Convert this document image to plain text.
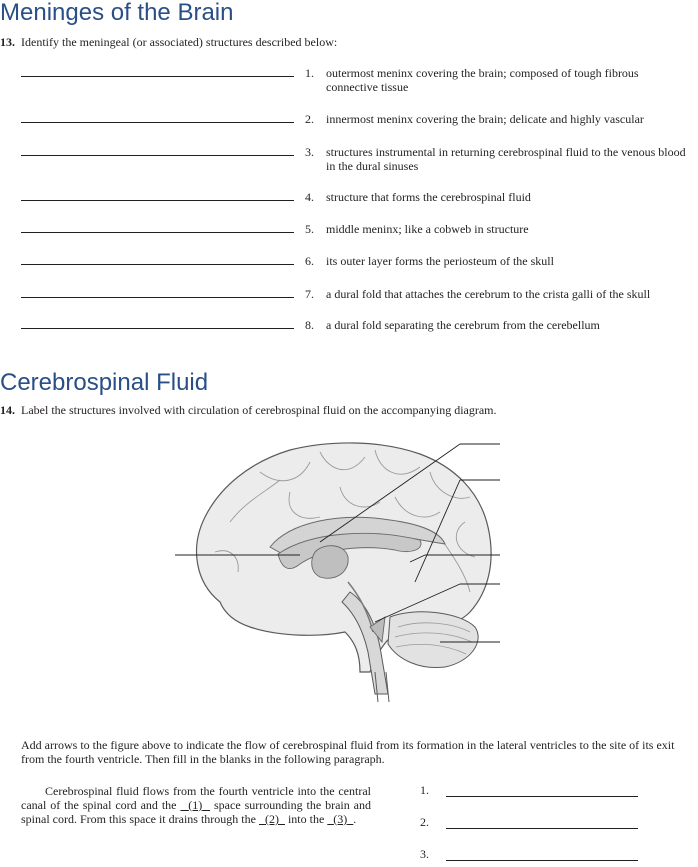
Meninges of the Brain
13. Identify the meningeal (or associated) structures described below:
1. outermost meninx covering the brain; composed of tough fibrous connective tissue
2. innermost meninx covering the brain; delicate and highly vascular
3. structures instrumental in returning cerebrospinal fluid to the venous blood in the dural sinuses
4. structure that forms the cerebrospinal fluid
5. middle meninx; like a cobweb in structure
6. its outer layer forms the periosteum of the skull
7. a dural fold that attaches the cerebrum to the crista galli of the skull
8. a dural fold separating the cerebrum from the cerebellum
Cerebrospinal Fluid
14. Label the structures involved with circulation of cerebrospinal fluid on the accompanying diagram.
Add arrows to the figure above to indicate the flow of cerebrospinal fluid from its formation in the lateral ventricles to the site of its exit from the fourth ventricle. Then fill in the blanks in the following paragraph.
Cerebrospinal fluid flows from the fourth ventricle into the central canal of the spinal cord and the (1) space surrounding the brain and spinal cord. From this space it drains through the (2) into the (3) .
1.
2.
3.
